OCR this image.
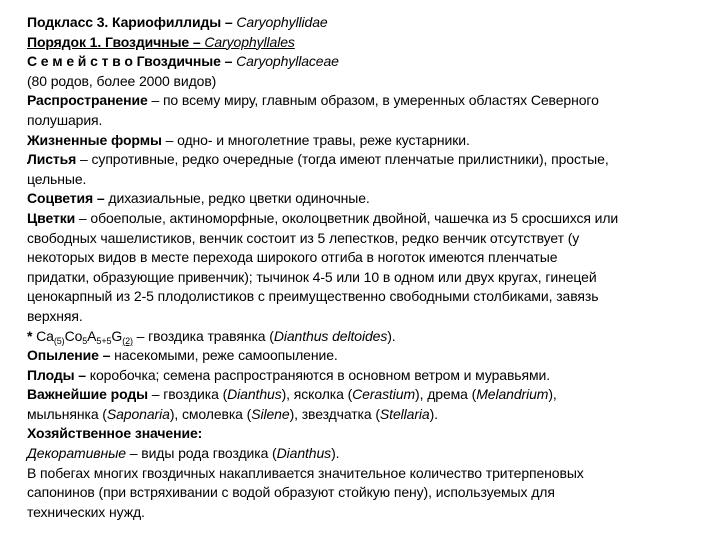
Подкласс 3. Кариофиллиды – Caryophyllidae
Порядок 1. Гвоздичные – Caryophyllales
С е м е й с т в о Гвоздичные – Caryophyllaceae
(80 родов, более 2000 видов)
Распространение – по всему миру, главным образом, в умеренных областях Северного
полушария.
Жизненные формы – одно- и многолетние травы, реже кустарники.
Листья – супротивные, редко очередные (тогда имеют пленчатые прилистники), простые,
цельные.
Соцветия – дихазиальные, редко цветки одиночные.
Цветки – обоеполые, актиноморфные, околоцветник двойной, чашечка из 5 сросшихся или
свободных чашелистиков, венчик состоит из 5 лепестков, редко венчик отсутствует (у
некоторых видов в месте перехода широкого отгиба в ноготок имеются пленчатые
придатки, образующие привенчик); тычинок 4-5 или 10 в одном или двух кругах, гинецей
ценокарпный из 2-5 плодолистиков с преимущественно свободными столбиками, завязь
верхняя.
* $Ca_{(5)}Co_5A_{5+5}G_{(2)}$ – гвоздика травянка (Dianthus deltoides).
Опыление – насекомыми, реже самоопыление.
Плоды – коробочка; семена распространяются в основном ветром и муравьями.
Важнейшие роды – гвоздика (Dianthus), ясколка (Cerastium), дрема (Melandrium),
мыльнянка (Saponaria), смолевка (Silene), звездчатка (Stellaria).
Хозяйственное значение:
Декоративные – виды рода гвоздика (Dianthus).
В побегах многих гвоздичных накапливается значительное количество тритерпеновых
сапонинов (при встряхивании с водой образуют стойкую пену), используемых для
технических нужд.
